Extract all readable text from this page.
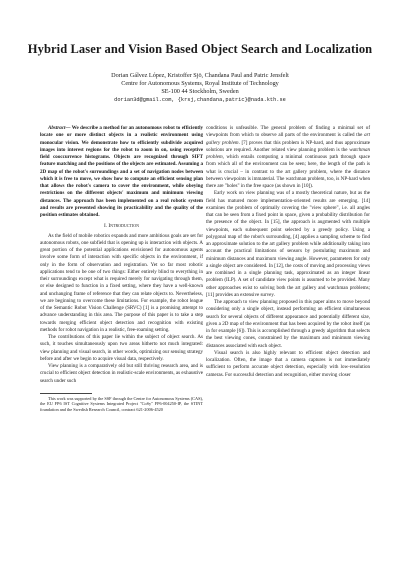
Hybrid Laser and Vision Based Object Search and Localization

Dorian Gálvez López, Kristoffer Sjö, Chandana Paul and Patric Jensfelt

Centre for Autonomous Systems, Royal Institute of Technology

SE-100 44 Stockholm, Sweden

dorian3d@gmail.com, {krsj,chandana,patric}@nada.kth.se

Abstract— We describe a method for an autonomous robot to efficiently locate one or more distinct objects in a realistic environment using monocular vision. We demonstrate how to efficiently subdivide acquired images into interest regions for the robot to zoom in on, using receptive field cooccurrence histograms. Objects are recognized through SIFT feature matching and the positions of the objects are estimated. Assuming a 2D map of the robot's surroundings and a set of navigation nodes between which it is free to move, we show how to compute an efficient sensing plan that allows the robot's camera to cover the environment, while obeying restrictions on the different objects' maximum and minimum viewing distances. The approach has been implemented on a real robotic system and results are presented showing its practicability and the quality of the position estimates obtained.

I. Introduction

As the field of mobile robotics expands and more ambitious goals are set for autonomous robots, one subfield that is opening up is interaction with objects. A great portion of the potential applications envisioned for autonomous agents involve some form of interaction with specific objects in the environment, if only in the form of observation and registration. Yet so far most robotic applications tend to be one of two things: Either entirely blind to everything in their surroundings except what is required merely for navigating through them, or else designed to function in a fixed setting, where they have a well-known and unchanging frame of reference that they can relate objects to. Nevertheless, we are beginning to overcome these limitations. For example, the robot league of the Semantic Robot Vision Challenge (SRVC) [1] is a promising attempt to advance understanding in this area. The purpose of this paper is to take a step towards merging efficient object detection and recognition with existing methods for robot navigation in a realistic, free-roaming setting.

The contributions of this paper lie within the subject of object search. As such, it touches simultaneously upon two areas hitherto not much integrated: view planning and visual search, in other words, optimizing our sensing strategy before and after we begin to acquire visual data, respectively.

View planning is a comparatively old but still thriving research area, and is crucial to efficient object detection in realistic-scale environments, as exhaustive search under such

This work was supported by the SSF through the Centre for Autonomous Systems (CAS), the EU FP6 IST Cognitive Systems Integrated Project "CoSy" FP6-004250-IP, the STINT foundation and the Swedish Research Council, contract 621-2006-4520

conditions is unfeasible. The general problem of finding a minimal set of viewpoints from which to observe all parts of the environment is called the art gallery problem. [7] proves that this problem is NP-hard, and thus approximate solutions are required. Another related view planning problem is the watchman problem, which entails computing a minimal continuous path through space from which all of the environment can be seen; here, the length of the path is what is crucial – in contrast to the art gallery problem, where the distance between viewpoints is immaterial. The watchman problem, too, is NP-hard when there are "holes" in the free space (as shown in [10]).

Early work on view planning was of a mostly theoretical nature, but as the field has matured more implementation-oriented results are emerging. [14] examines the problem of optimally covering the "view sphere", i.e. all angles that can be seen from a fixed point in space, given a probability distribution for the presence of the object. In [15], the approach is augmented with multiple viewpoints, each subsequent point selected by a greedy policy. Using a polygonal map of the robot's surrounding, [4] applies a sampling scheme to find an approximate solution to the art gallery problem while additionally taking into account the practical limitations of sensors by postulating maximum and minimum distances and maximum viewing angle. However, parameters for only a single object are considered. In [12], the costs of moving and processing views are combined in a single planning task, approximated as an integer linear problem (ILP). A set of candidate view points is assumed to be provided. Many other approaches exist to solving both the art gallery and watchman problems; [11] provides an extensive survey.

The approach to view planning proposed in this paper aims to move beyond considering only a single object, instead performing an efficient simultaneous search for several objects of different appearance and potentially different size, given a 2D map of the environment that has been acquired by the robot itself (as in for example [6]). This is accomplished through a greedy algorithm that selects the best viewing cones, constrained by the maximum and minimum viewing distances associated with each object.

Visual search is also highly relevant to efficient object detection and localization. Often, the image that a camera captures is not immediately sufficient to perform accurate object detection, especially with low-resolution cameras. For successful detection and recognition, either moving closer
